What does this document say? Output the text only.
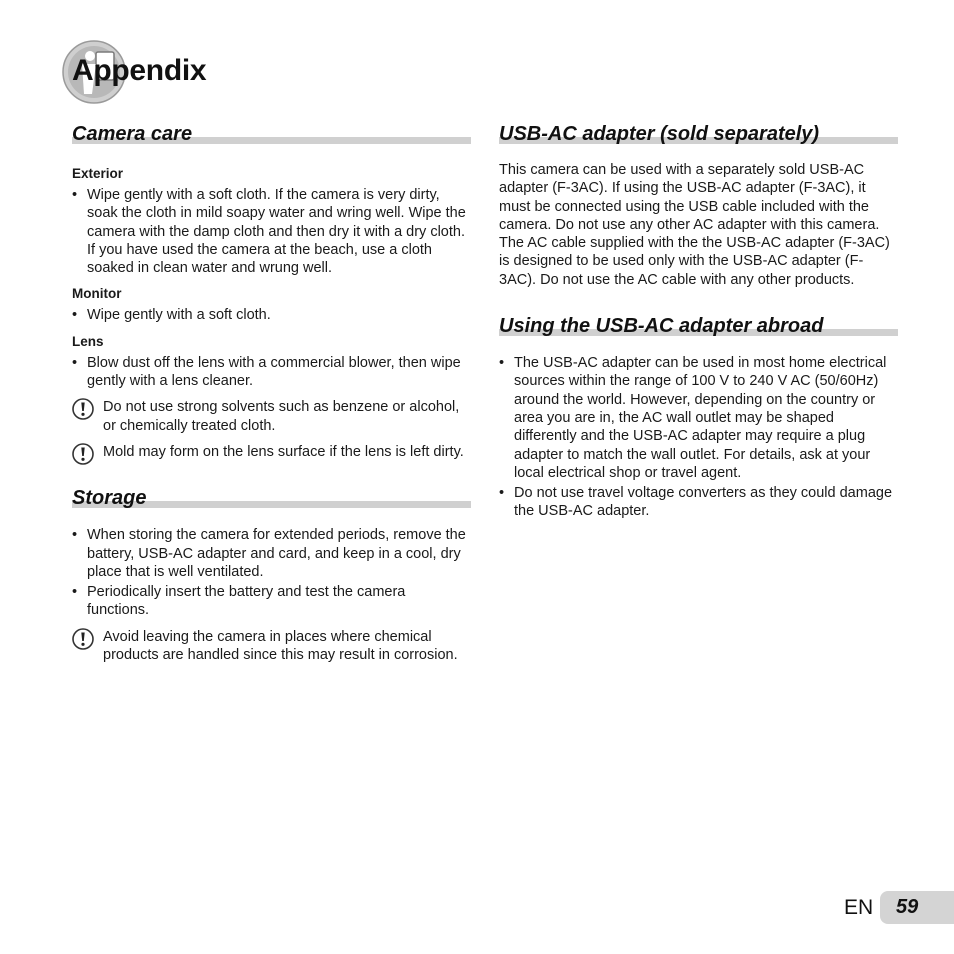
Appendix
Camera care

Exterior

• Wipe gently with a soft cloth. If the camera is very dirty, soak the cloth in mild soapy water and wring well. Wipe the camera with the damp cloth and then dry it with a dry cloth. If you have used the camera at the beach, use a cloth soaked in clean water and wrung well.

Monitor

• Wipe gently with a soft cloth.

Lens

• Blow dust off the lens with a commercial blower, then wipe gently with a lens cleaner.
Do not use strong solvents such as benzene or alcohol, or chemically treated cloth.
Mold may form on the lens surface if the lens is left dirty.
Storage
• When storing the camera for extended periods, remove the battery, USB-AC adapter and card, and keep in a cool, dry place that is well ventilated.
• Periodically insert the battery and test the camera functions.
Avoid leaving the camera in places where chemical products are handled since this may result in corrosion.
USB-AC adapter (sold separately)

This camera can be used with a separately sold USB-AC adapter (F-3AC). If using the USB-AC adapter (F-3AC), it must be connected using the USB cable included with the camera. Do not use any other AC adapter with this camera.

The AC cable supplied with the the USB-AC adapter (F-3AC) is designed to be used only with the USB-AC adapter (F-3AC). Do not use the AC cable with any other products.

Using the USB-AC adapter abroad
• The USB-AC adapter can be used in most home electrical sources within the range of 100 V to 240 V AC (50/60Hz) around the world. However, depending on the country or area you are in, the AC wall outlet may be shaped differently and the USB-AC adapter may require a plug adapter to match the wall outlet. For details, ask at your local electrical shop or travel agent.
• Do not use travel voltage converters as they could damage the USB-AC adapter.
EN 59
